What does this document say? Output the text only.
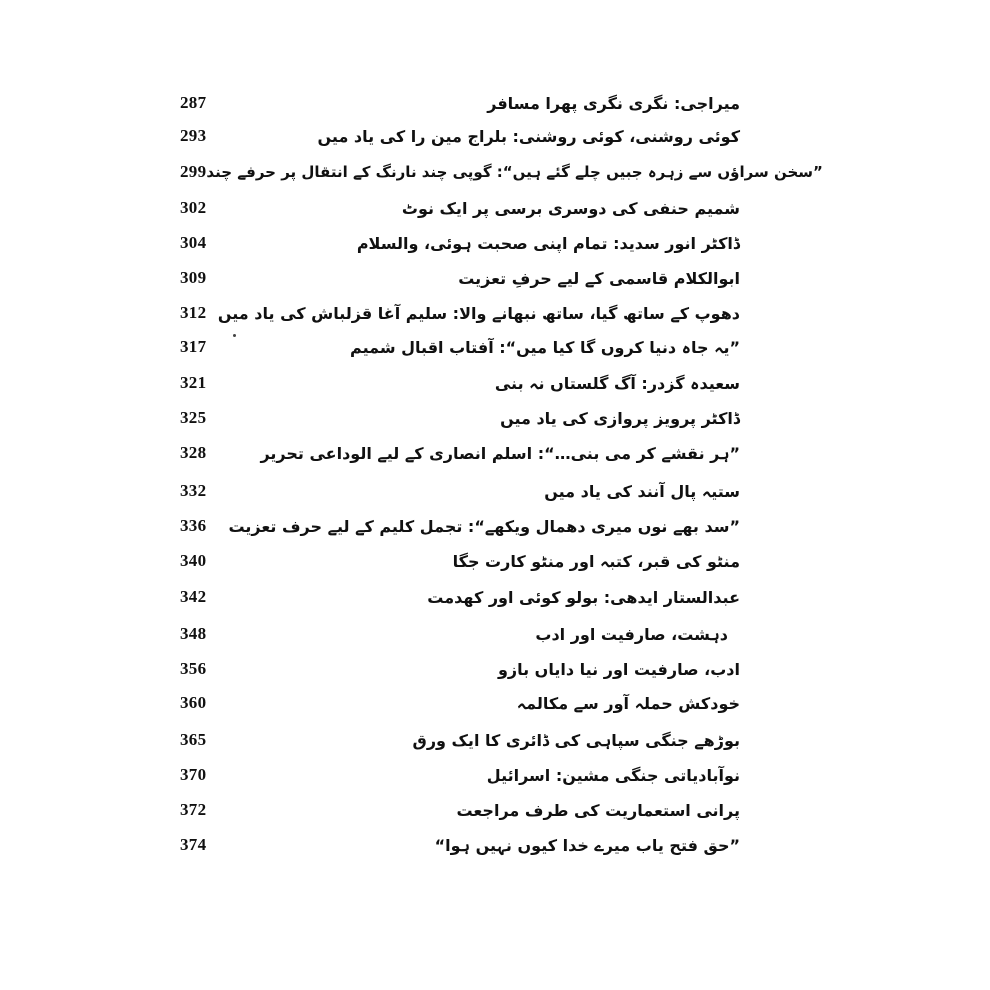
287	میراجی: نگری نگری پھرا مسافر
293	کوئی روشنی، کوئی روشنی: بلراج مین را کی یاد میں
299 ”سخن سراؤں سے زہرہ جبیں چلے گئے ہیں“: گوپی چند نارنگ کے انتقال پر حرفے چند
302	شمیم حنفی کی دوسری برسی پر ایک نوٹ
304	ڈاکٹر انور سدید: تمام اپنی صحبت ہوئی، والسلام
309	ابوالکلام قاسمی کے لیے حرفِ تعزیت
312 دھوپ کے ساتھ گیا، ساتھ نبھانے والا: سلیم آغا قزلباش کی یاد میں
317	”یہ جاہ دنیا کروں گا کیا میں“: آفتاب اقبال شمیم
321	سعیدہ گزدر: آگ گلستاں نہ بنی
325	ڈاکٹر پرویز پروازی کی یاد میں
328	”ہر نقشے کر می بنی…“: اسلم انصاری کے لیے الوداعی تحریر
332	ستیہ پال آنند کی یاد میں
336	”سد بھے نوں میری دھمال ویکھے“: تجمل کلیم کے لیے حرف تعزیت
340	منٹو کی قبر، کتبہ اور منٹو کارت جگا
342	عبدالستار ایدھی: بولو کوئی اور کھدمت
348	دہشت، صارفیت اور ادب
356	ادب، صارفیت اور نیا دایاں بازو
360	خودکش حملہ آور سے مکالمہ
365	بوڑھے جنگی سپاہی کی ڈائری کا ایک ورق
370	نوآبادیاتی جنگی مشین: اسرائیل
372	پرانی استعماریت کی طرف مراجعت
374	”حق فتح یاب میرے خدا کیوں نہیں ہوا“
